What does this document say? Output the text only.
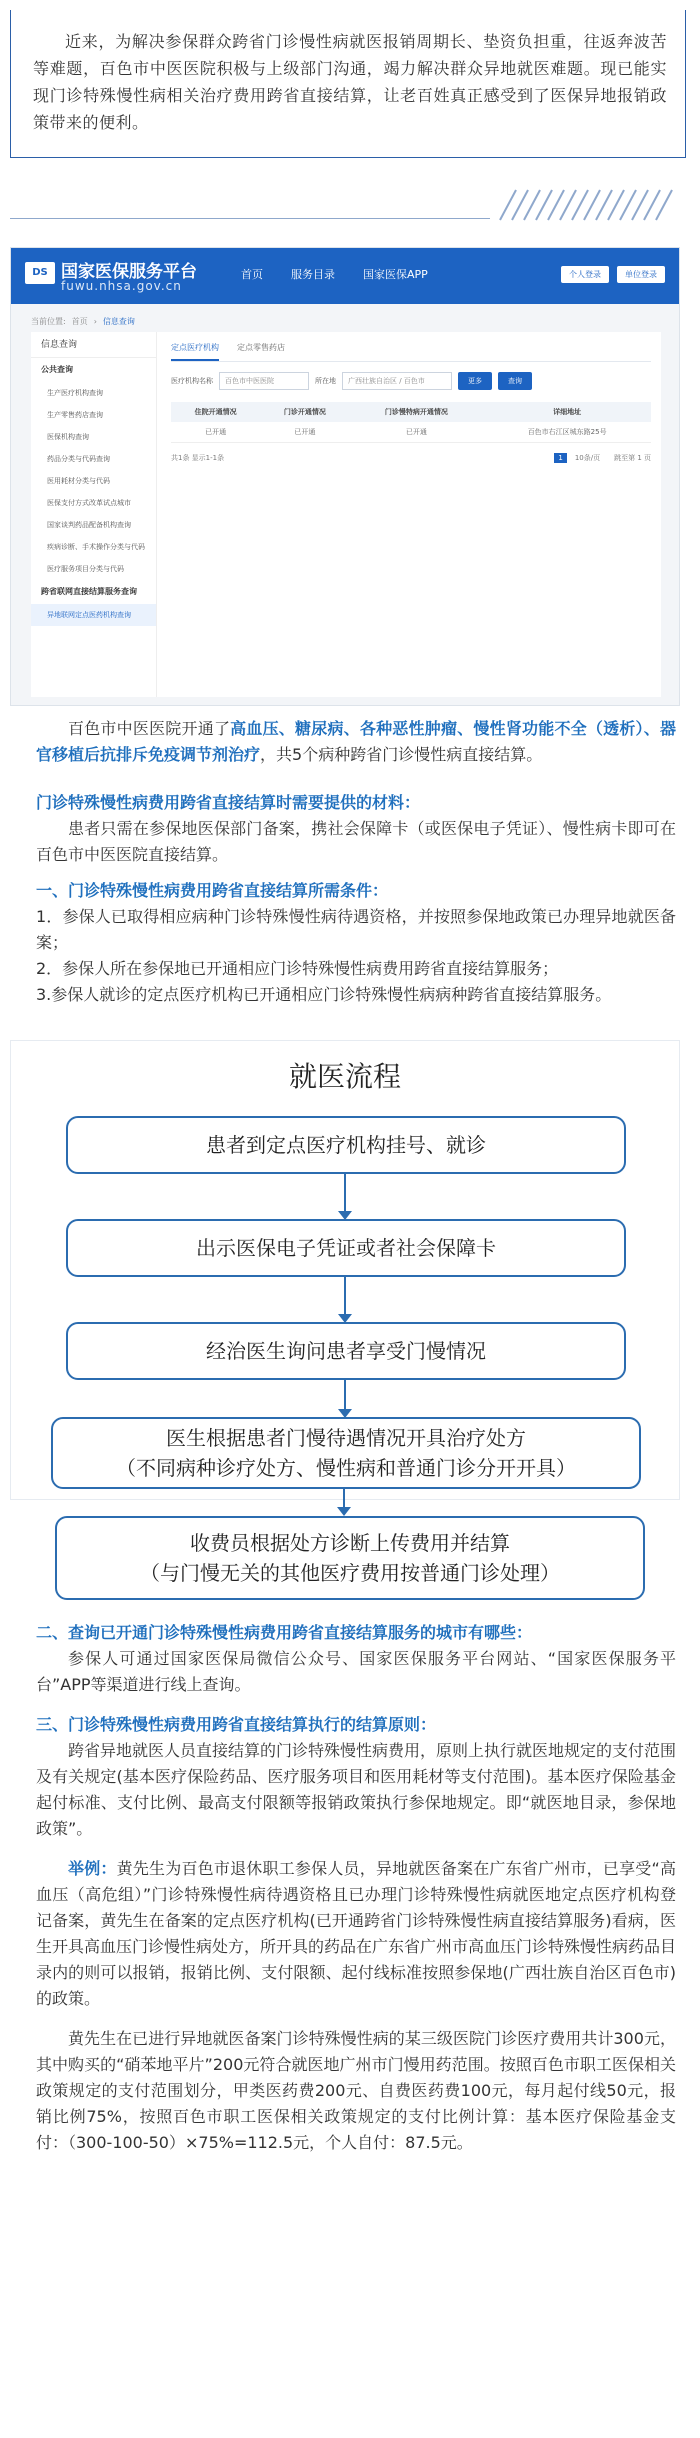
近来，为解决参保群众跨省门诊慢性病就医报销周期长、垫资负担重，往返奔波苦等难题，百色市中医医院积极与上级部门沟通，竭力解决群众异地就医难题。现已能实现门诊特殊慢性病相关治疗费用跨省直接结算，让老百姓真正感受到了医保异地报销政策带来的便利。

DS 国家医保服务平台
fuwu.nhsa.gov.cn
首页	服务目录	国家医保APP	个人登录	单位登录
当前位置: 首页 › 信息查询
信息查询
公共查询
生产医疗机构查询
生产零售药店查询
医保机构查询
药品分类与代码查询
医用耗材分类与代码
医保支付方式改革试点城市
国家谈判药品配备机构查询
疾病诊断、手术操作分类与代码
医疗服务项目分类与代码
跨省联网直接结算服务查询
异地联网定点医药机构查询
定点医疗机构 定点零售药店
医疗机构名称	百色市中医医院	所在地	广西壮族自治区 / 百色市	更多	查询
住院开通情况	门诊开通情况	门诊慢特病开通情况	详细地址
已开通	已开通	已开通	百色市右江区城东路25号
共1条 显示1-1条	1 10条/页 跳至第 1 页
百色市中医医院开通了高血压、糖尿病、各种恶性肿瘤、慢性肾功能不全（透析）、器官移植后抗排斥免疫调节剂治疗，共5个病种跨省门诊慢性病直接结算。
门诊特殊慢性病费用跨省直接结算时需要提供的材料：
患者只需在参保地医保部门备案，携社会保障卡（或医保电子凭证）、慢性病卡即可在百色市中医医院直接结算。
一、门诊特殊慢性病费用跨省直接结算所需条件：
1．参保人已取得相应病种门诊特殊慢性病待遇资格，并按照参保地政策已办理异地就医备案；
2．参保人所在参保地已开通相应门诊特殊慢性病费用跨省直接结算服务；
3.参保人就诊的定点医疗机构已开通相应门诊特殊慢性病病种跨省直接结算服务。
就医流程
患者到定点医疗机构挂号、就诊
出示医保电子凭证或者社会保障卡
经治医生询问患者享受门慢情况
医生根据患者门慢待遇情况开具治疗处方
（不同病种诊疗处方、慢性病和普通门诊分开开具）
收费员根据处方诊断上传费用并结算
（与门慢无关的其他医疗费用按普通门诊处理）
二、查询已开通门诊特殊慢性病费用跨省直接结算服务的城市有哪些：
参保人可通过国家医保局微信公众号、国家医保服务平台网站、“国家医保服务平台”APP等渠道进行线上查询。
三、门诊特殊慢性病费用跨省直接结算执行的结算原则：
跨省异地就医人员直接结算的门诊特殊慢性病费用，原则上执行就医地规定的支付范围及有关规定(基本医疗保险药品、医疗服务项目和医用耗材等支付范围)。基本医疗保险基金起付标准、支付比例、最高支付限额等报销政策执行参保地规定。即“就医地目录，参保地政策”。
举例：黄先生为百色市退休职工参保人员，异地就医备案在广东省广州市，已享受“高血压（高危组）”门诊特殊慢性病待遇资格且已办理门诊特殊慢性病就医地定点医疗机构登记备案，黄先生在备案的定点医疗机构(已开通跨省门诊特殊慢性病直接结算服务)看病，医生开具高血压门诊慢性病处方，所开具的药品在广东省广州市高血压门诊特殊慢性病药品目录内的则可以报销，报销比例、支付限额、起付线标准按照参保地(广西壮族自治区百色市)的政策。
黄先生在已进行异地就医备案门诊特殊慢性病的某三级医院门诊医疗费用共计300元，其中购买的“硝苯地平片”200元符合就医地广州市门慢用药范围。按照百色市职工医保相关政策规定的支付范围划分，甲类医药费200元、自费医药费100元，每月起付线50元，报销比例75%，按照百色市职工医保相关政策规定的支付比例计算：基本医疗保险基金支付：（300-100-50）×75%=112.5元，个人自付：87.5元。
